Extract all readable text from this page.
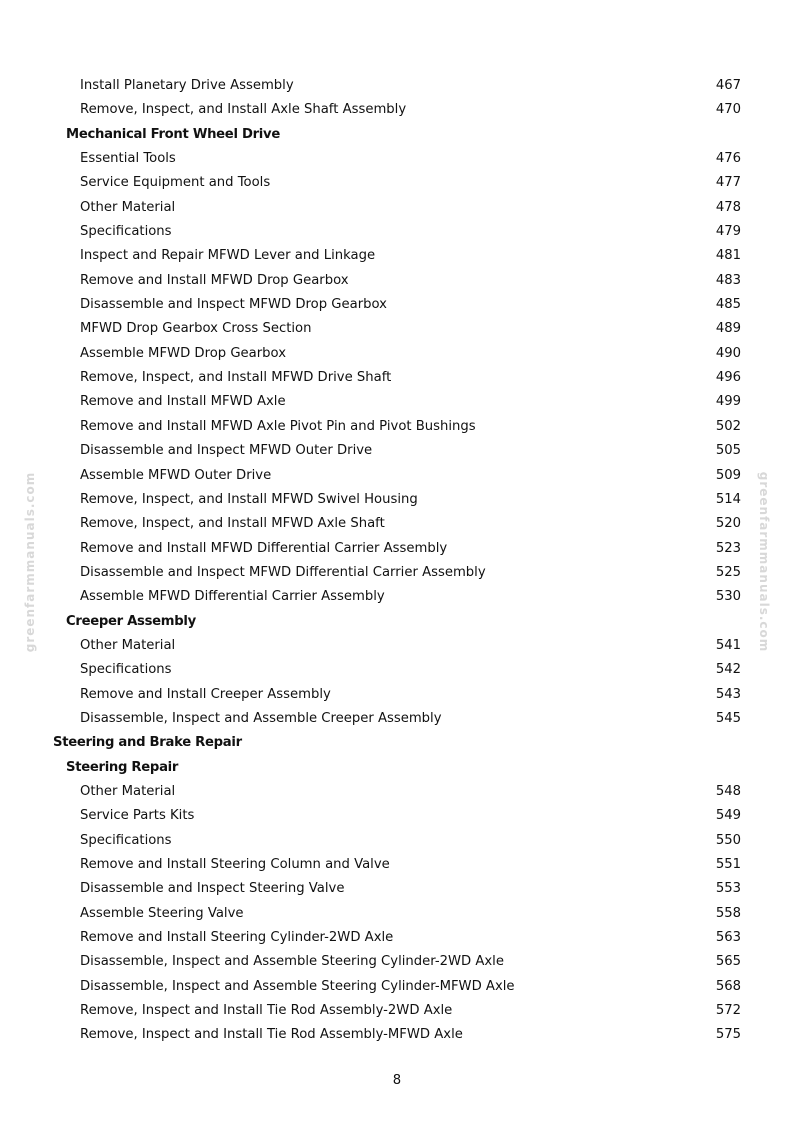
greenfarmmanuals.com	greenfarmmanuals.com
Install Planetary Drive Assembly	467
Remove, Inspect, and Install Axle Shaft Assembly	470
Mechanical Front Wheel Drive
Essential Tools	476
Service Equipment and Tools	477
Other Material	478
Specifications	479
Inspect and Repair MFWD Lever and Linkage	481
Remove and Install MFWD Drop Gearbox	483
Disassemble and Inspect MFWD Drop Gearbox	485
MFWD Drop Gearbox Cross Section	489
Assemble MFWD Drop Gearbox	490
Remove, Inspect, and Install MFWD Drive Shaft	496
Remove and Install MFWD Axle	499
Remove and Install MFWD Axle Pivot Pin and Pivot Bushings	502
Disassemble and Inspect MFWD Outer Drive	505
Assemble MFWD Outer Drive	509
Remove, Inspect, and Install MFWD Swivel Housing	514
Remove, Inspect, and Install MFWD Axle Shaft	520
Remove and Install MFWD Differential Carrier Assembly	523
Disassemble and Inspect MFWD Differential Carrier Assembly	525
Assemble MFWD Differential Carrier Assembly	530
Creeper Assembly
Other Material	541
Specifications	542
Remove and Install Creeper Assembly	543
Disassemble, Inspect and Assemble Creeper Assembly	545
Steering and Brake Repair
Steering Repair
Other Material	548
Service Parts Kits	549
Specifications	550
Remove and Install Steering Column and Valve	551
Disassemble and Inspect Steering Valve	553
Assemble Steering Valve	558
Remove and Install Steering Cylinder-2WD Axle	563
Disassemble, Inspect and Assemble Steering Cylinder-2WD Axle	565
Disassemble, Inspect and Assemble Steering Cylinder-MFWD Axle	568
Remove, Inspect and Install Tie Rod Assembly-2WD Axle	572
Remove, Inspect and Install Tie Rod Assembly-MFWD Axle	575
8
